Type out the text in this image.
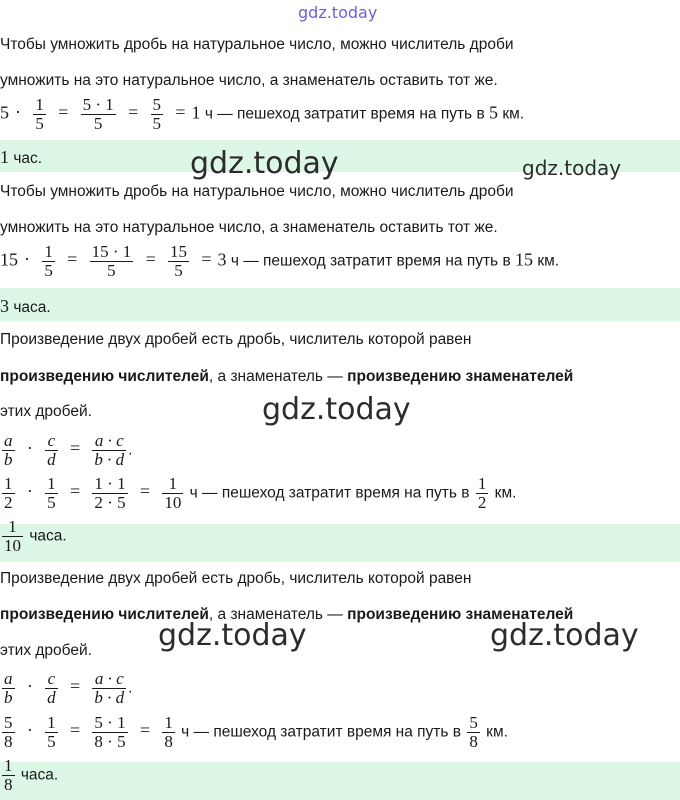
gdz.today
Чтобы умножить дробь на натуральное число, можно числитель дроби
умножить на это натуральное число, а знаменатель оставить тот же.
$5 \cdot \frac{1}{5} = \frac{5 \cdot 1}{5} = \frac{5}{5} = 1$ ч — пешеход затратит время на путь в 5 км.
1 час.	gdz.today	gdz.today
Чтобы умножить дробь на натуральное число, можно числитель дроби
умножить на это натуральное число, а знаменатель оставить тот же.
$15 \cdot \frac{1}{5} = \frac{15 \cdot 1}{5} = \frac{15}{5} = 3$ ч — пешеход затратит время на путь в 15 км.
3 часа.
Произведение двух дробей есть дробь, числитель которой равен
произведению числителей, а знаменатель — произведению знаменателей
этих дробей.	gdz.today
$\frac{a}{b} \cdot \frac{c}{d} = \frac{a \cdot c}{b \cdot d}$ .
$\frac{1}{2} \cdot \frac{1}{5} = \frac{1 \cdot 1}{2 \cdot 5} = \frac{1}{10}$ ч — пешеход затратит время на путь в $\frac{1}{2}$ км.
$\frac{1}{10}$ часа.
Произведение двух дробей есть дробь, числитель которой равен
произведению числителей, а знаменатель — произведению знаменателей
этих дробей. gdz.today	gdz.today
$\frac{a}{b} \cdot \frac{c}{d} = \frac{a \cdot c}{b \cdot d}$ .
$\frac{5}{8} \cdot \frac{1}{5} = \frac{5 \cdot 1}{8 \cdot 5} = \frac{1}{8}$ ч — пешеход затратит время на путь в $\frac{5}{8}$ км.
$\frac{1}{8}$ часа.
